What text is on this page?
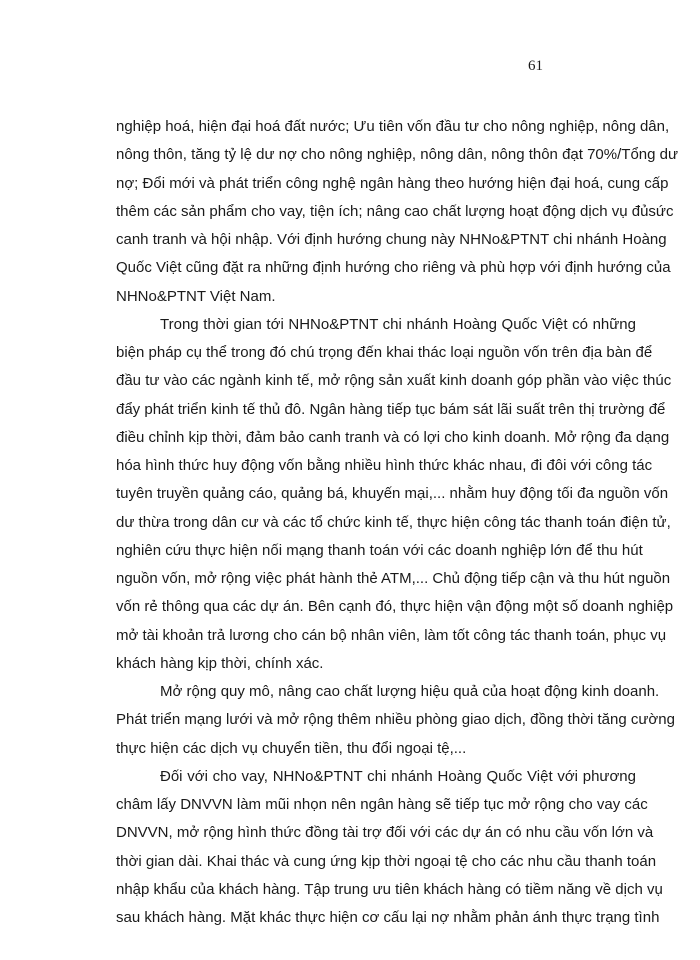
61
nghiệp hoá, hiện đại hoá đất nước; Ưu tiên vốn đầu tư cho nông nghiệp, nông dân,
nông thôn, tăng tỷ lệ dư nợ cho nông nghiệp, nông dân, nông thôn đạt 70%/Tổng dư
nợ; Đổi mới và phát triển công nghệ ngân hàng theo hướng hiện đại hoá, cung cấp
thêm các sản phẩm cho vay, tiện ích; nâng cao chất lượng hoạt động dịch vụ đủsức
canh tranh và hội nhập. Với định hướng chung này NHNo&PTNT chi nhánh Hoàng
Quốc Việt cũng đặt ra những định hướng cho riêng và phù hợp với định hướng của
NHNo&PTNT Việt Nam.
Trong thời gian tới NHNo&PTNT chi nhánh Hoàng Quốc Việt có những
biện pháp cụ thể trong đó chú trọng đến khai thác loại nguồn vốn trên địa bàn để
đầu tư vào các ngành kinh tế, mở rộng sản xuất kinh doanh góp phần vào việc thúc
đẩy phát triển kinh tế thủ đô. Ngân hàng tiếp tục bám sát lãi suất trên thị trường để
điều chỉnh kịp thời, đảm bảo canh tranh và có lợi cho kinh doanh. Mở rộng đa dạng
hóa hình thức huy động vốn bằng nhiều hình thức khác nhau, đi đôi với công tác
tuyên truyền quảng cáo, quảng bá, khuyến mại,... nhằm huy động tối đa nguồn vốn
dư thừa trong dân cư và các tổ chức kinh tế, thực hiện công tác thanh toán điện tử,
nghiên cứu thực hiện nối mạng thanh toán với các doanh nghiệp lớn để thu hút
nguồn vốn, mở rộng việc phát hành thẻ ATM,... Chủ động tiếp cận và thu hút nguồn
vốn rẻ thông qua các dự án. Bên cạnh đó, thực hiện vận động một số doanh nghiệp
mở tài khoản trả lương cho cán bộ nhân viên, làm tốt công tác thanh toán, phục vụ
khách hàng kịp thời, chính xác.
Mở rộng quy mô, nâng cao chất lượng hiệu quả của hoạt động kinh doanh.
Phát triển mạng lưới và mở rộng thêm nhiều phòng giao dịch, đồng thời tăng cường
thực hiện các dịch vụ chuyển tiền, thu đổi ngoại tệ,...
Đối với cho vay, NHNo&PTNT chi nhánh Hoàng Quốc Việt với phương
châm lấy DNVVN làm mũi nhọn nên ngân hàng sẽ tiếp tục mở rộng cho vay các
DNVVN, mở rộng hình thức đồng tài trợ đối với các dự án có nhu cầu vốn lớn và
thời gian dài. Khai thác và cung ứng kịp thời ngoại tệ cho các nhu cầu thanh toán
nhập khẩu của khách hàng. Tập trung ưu tiên khách hàng có tiềm năng về dịch vụ
sau khách hàng. Mặt khác thực hiện cơ cấu lại nợ nhằm phản ánh thực trạng tình
